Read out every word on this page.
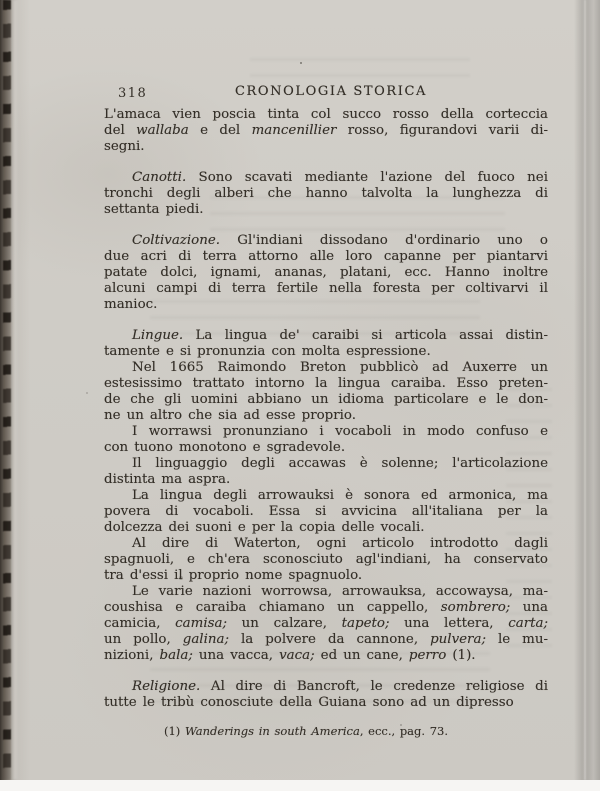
318	CRONOLOGIA STORICA
L'amaca vien poscia tinta col succo rosso della corteccia
del wallaba e del mancenillier rosso, figurandovi varii di-
segni.
Canotti. Sono scavati mediante l'azione del fuoco nei
tronchi degli alberi che hanno talvolta la lunghezza di
settanta piedi.
Coltivazione. Gl'indiani dissodano d'ordinario uno o
due acri di terra attorno alle loro capanne per piantarvi
patate dolci, ignami, ananas, platani, ecc. Hanno inoltre
alcuni campi di terra fertile nella foresta per coltivarvi il
manioc.
Lingue. La lingua de' caraibi si articola assai distin-
tamente e si pronunzia con molta espressione.
Nel 1665 Raimondo Breton pubblicò ad Auxerre un
estesissimo trattato intorno la lingua caraiba. Esso preten-
de che gli uomini abbiano un idioma particolare e le don-
ne un altro che sia ad esse proprio.
I worrawsi pronunziano i vocaboli in modo confuso e
con tuono monotono e sgradevole.
Il linguaggio degli accawas è solenne; l'articolazione
distinta ma aspra.
La lingua degli arrowauksi è sonora ed armonica, ma
povera di vocaboli. Essa si avvicina all'italiana per la
dolcezza dei suoni e per la copia delle vocali.
Al dire di Waterton, ogni articolo introdotto dagli
spagnuoli, e ch'era sconosciuto agl'indiani, ha conservato
tra d'essi il proprio nome spagnuolo.
Le varie nazioni worrowsa, arrowauksa, accowaysa, ma-
coushisa e caraiba chiamano un cappello, sombrero; una
camicia, camisa; un calzare, tapeto; una lettera, carta;
un pollo, galina; la polvere da cannone, pulvera; le mu-
nizioni, bala; una vacca, vaca; ed un cane, perro (1).
Religione. Al dire di Bancroft, le credenze religiose di
tutte le tribù conosciute della Guiana sono ad un dipresso
(1) Wanderings in south America, ecc., pag. 73.
